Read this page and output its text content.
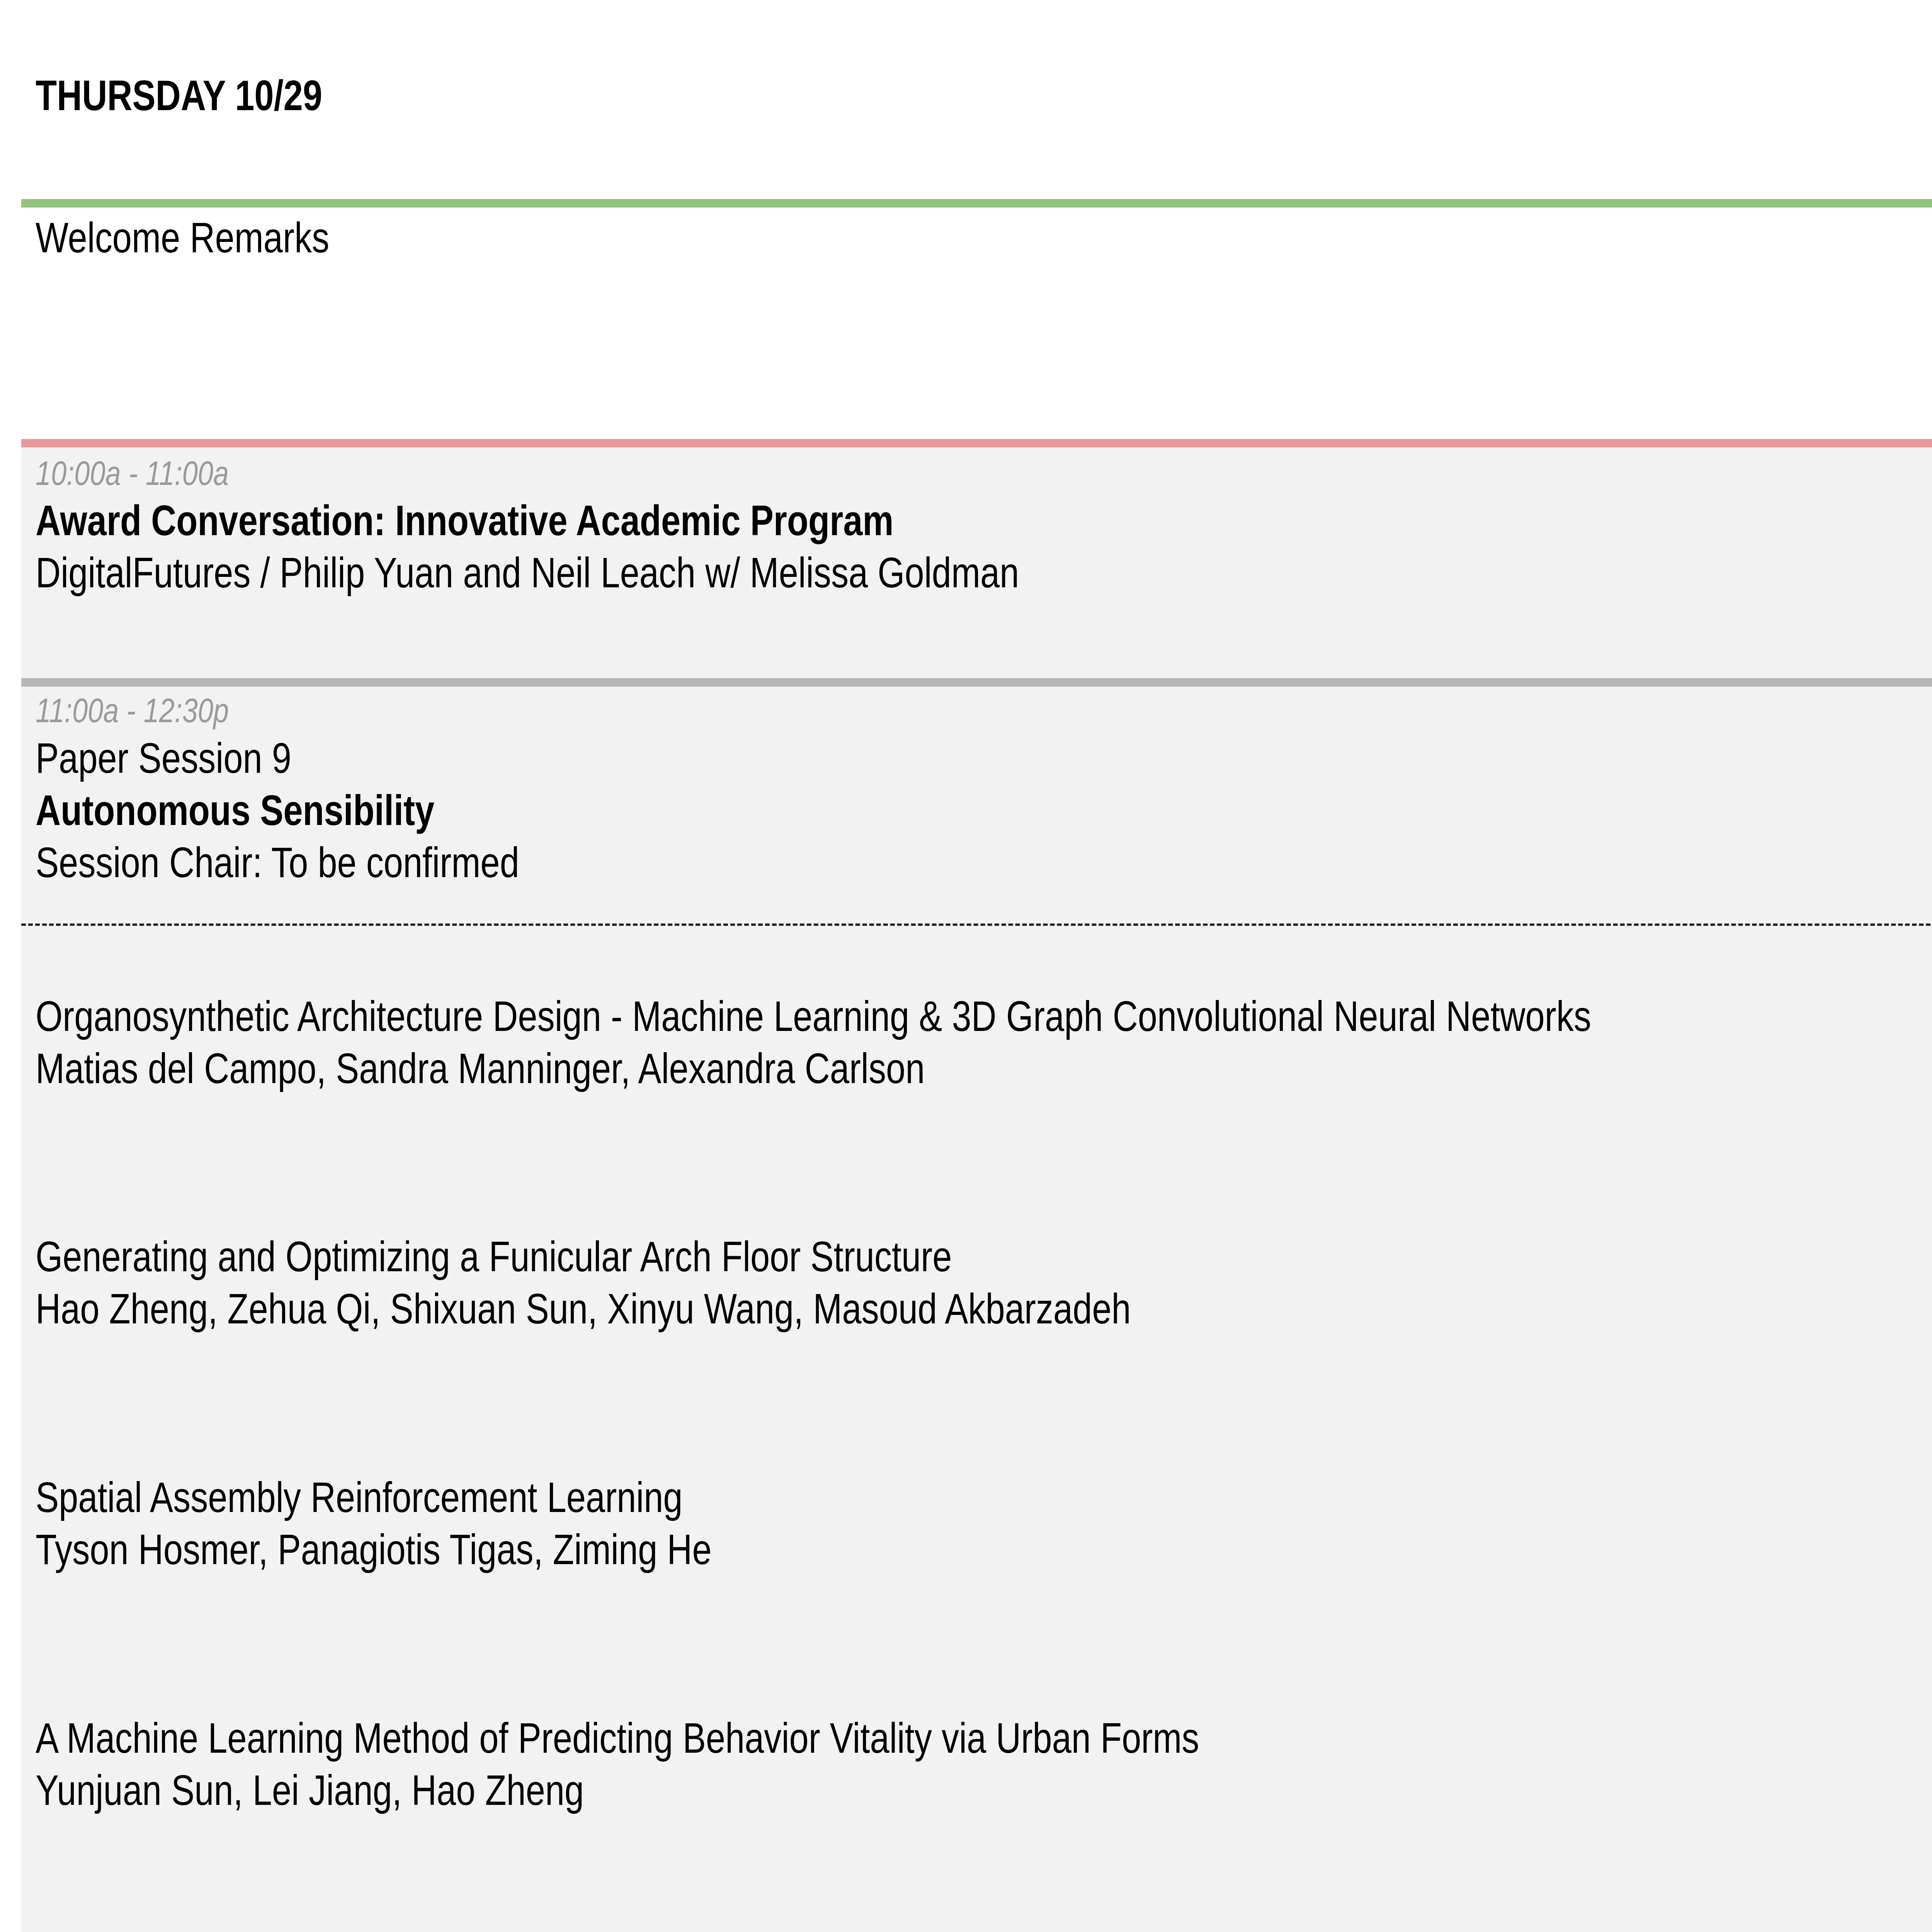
THURSDAY 10/29
Welcome Remarks
10:00a - 11:00a
Award Conversation: Innovative Academic Program
DigitalFutures / Philip Yuan and Neil Leach w/ Melissa Goldman
11:00a - 12:30p
Paper Session 9
Autonomous Sensibility
Session Chair: To be confirmed
Organosynthetic Architecture Design - Machine Learning & 3D Graph Convolutional Neural Networks
Matias del Campo, Sandra Manninger, Alexandra Carlson
Generating and Optimizing a Funicular Arch Floor Structure
Hao Zheng, Zehua Qi, Shixuan Sun, Xinyu Wang, Masoud Akbarzadeh
Spatial Assembly Reinforcement Learning
Tyson Hosmer, Panagiotis Tigas, Ziming He
A Machine Learning Method of Predicting Behavior Vitality via Urban Forms
Yunjuan Sun, Lei Jiang, Hao Zheng
